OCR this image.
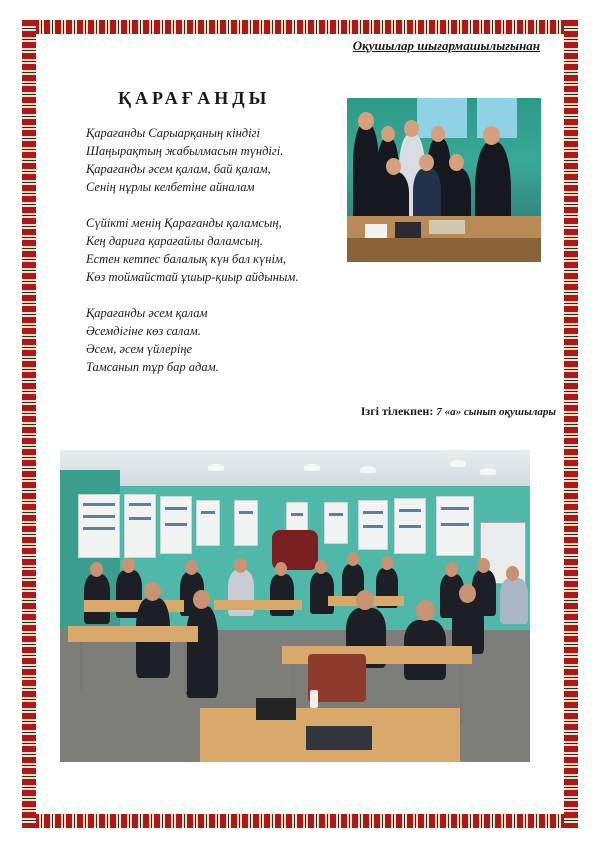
Оқушылар шығармашылығынан
ҚАРАҒАНДЫ
Қарағанды Сарыарқаның кіндігі
Шаңырақтың жабылмасын түндігі.
Қарағанды әсем қалам, бай қалам,
Сенің нұрлы келбетіне айналам
Сүйікті менің Қарағанды қаламсың,
Кең дариға қарағайлы даламсың.
Естен кетпес балалық күн бал күнім,
Көз тоймайстай ұшыр-қиыр айдыным.
Қарағанды әсем қалам
Әсемдігіне көз салам.
Әсем, әсем үйлеріңе
Тамсанып тұр бар адам.
Ізгі тілекпен: 7 «а» сынып оқушылары
